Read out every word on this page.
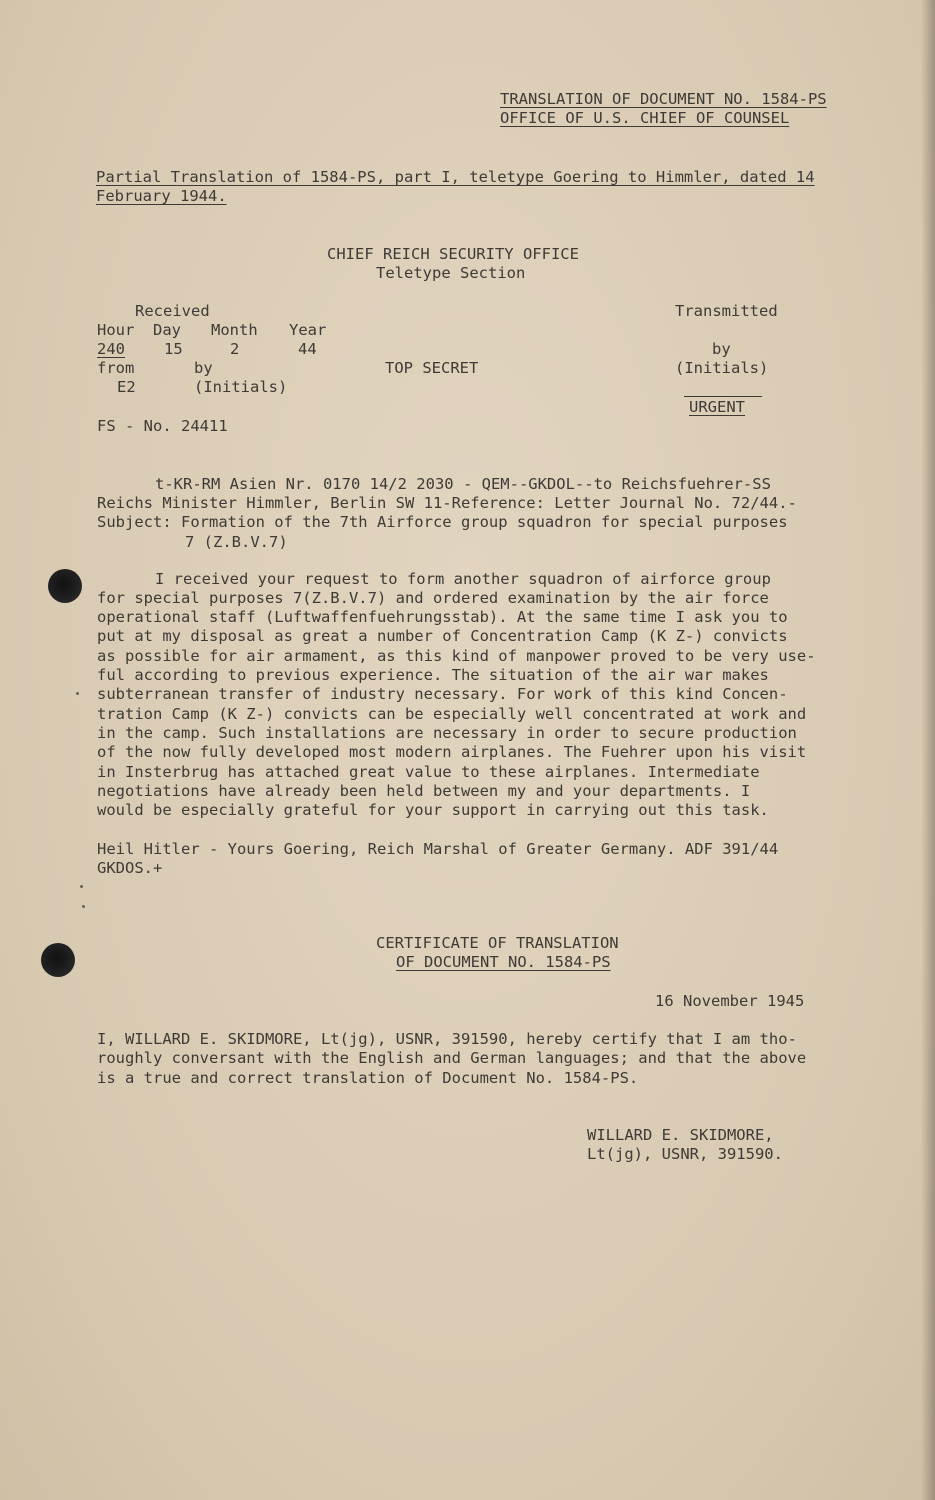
TRANSLATION OF DOCUMENT NO. 1584-PS
OFFICE OF U.S. CHIEF OF COUNSEL
Partial Translation of 1584-PS, part I, teletype Goering to Himmler, dated 14
February 1944.
CHIEF REICH SECURITY OFFICE
Teletype Section
Received
Hour Day Month Year
240	15	2	44
from	by
E2	(Initials)
TOP SECRET
Transmitted
by
(Initials)
URGENT
FS - No. 24411
t-KR-RM Asien Nr. 0170 14/2 2030 - QEM--GKDOL--to Reichsfuehrer-SS
Reichs Minister Himmler, Berlin SW 11-Reference: Letter Journal No. 72/44.-
Subject: Formation of the 7th Airforce group squadron for special purposes
7 (Z.B.V.7)
I received your request to form another squadron of airforce group
for special purposes 7(Z.B.V.7) and ordered examination by the air force
operational staff (Luftwaffenfuehrungsstab). At the same time I ask you to
put at my disposal as great a number of Concentration Camp (K Z-) convicts
as possible for air armament, as this kind of manpower proved to be very use-
ful according to previous experience. The situation of the air war makes
subterranean transfer of industry necessary. For work of this kind Concen-
tration Camp (K Z-) convicts can be especially well concentrated at work and
in the camp. Such installations are necessary in order to secure production
of the now fully developed most modern airplanes. The Fuehrer upon his visit
in Insterbrug has attached great value to these airplanes. Intermediate
negotiations have already been held between my and your departments. I
would be especially grateful for your support in carrying out this task.
Heil Hitler - Yours Goering, Reich Marshal of Greater Germany. ADF 391/44
GKDOS.+
CERTIFICATE OF TRANSLATION
OF DOCUMENT NO. 1584-PS
16 November 1945
I, WILLARD E. SKIDMORE, Lt(jg), USNR, 391590, hereby certify that I am tho-
roughly conversant with the English and German languages; and that the above
is a true and correct translation of Document No. 1584-PS.
WILLARD E. SKIDMORE,
Lt(jg), USNR, 391590.
